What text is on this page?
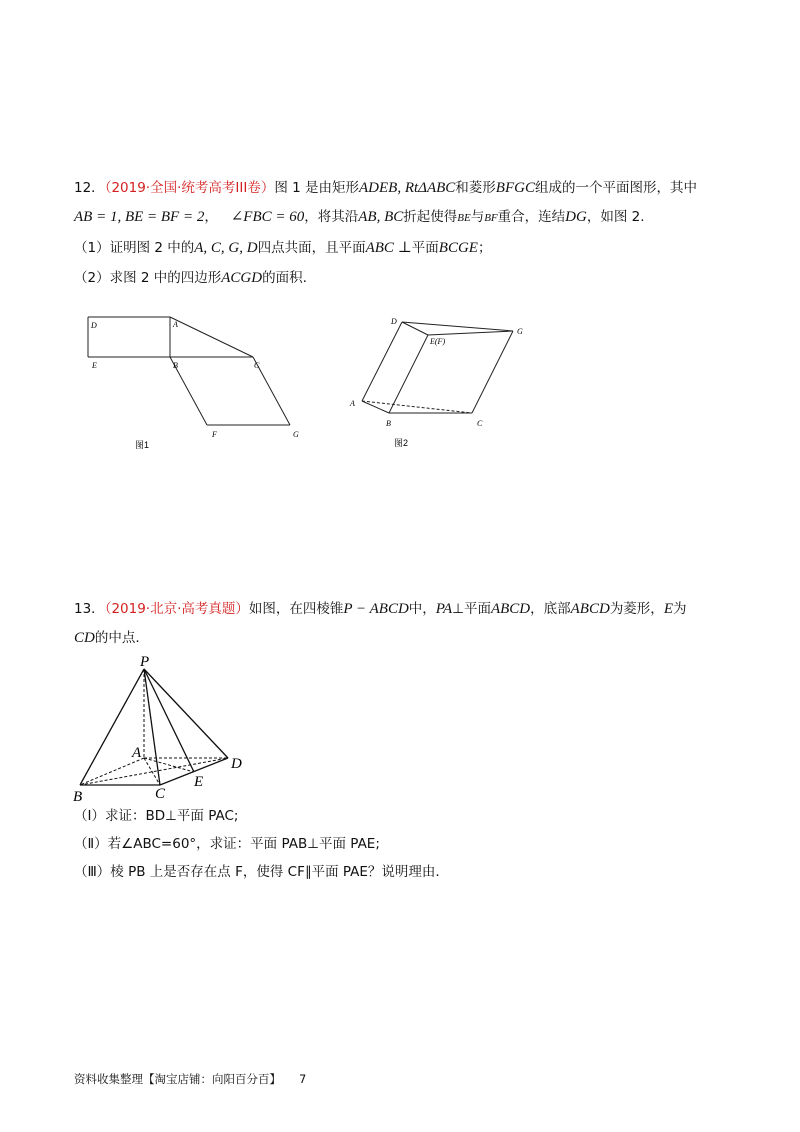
12．（2019·全国·统考高考III卷）图 1 是由矩形ADEB, RtΔABC和菱形BFGC组成的一个平面图形，其中
AB = 1, BE = BF = 2， ∠FBC = 60，将其沿AB, BC折起使得BE与BF重合，连结DG，如图 2.
（1）证明图 2 中的A, C, G, D四点共面，且平面ABC ⊥平面BCGE；
（2）求图 2 中的四边形ACGD的面积.
D	A
E	B	C
F	G
图1
D
G
E(F)
A
B	C
图2
P
A
B	C
D
E
13．（2019·北京·高考真题）如图，在四棱锥P − ABCD中，PA⊥平面ABCD，底部ABCD为菱形，E为
CD的中点.
（Ⅰ）求证：BD⊥平面 PAC;
（Ⅱ）若∠ABC=60°，求证：平面 PAB⊥平面 PAE;
（Ⅲ）棱 PB 上是否存在点 F，使得 CF∥平面 PAE？说明理由.
资料收集整理【淘宝店铺：向阳百分百】 7
